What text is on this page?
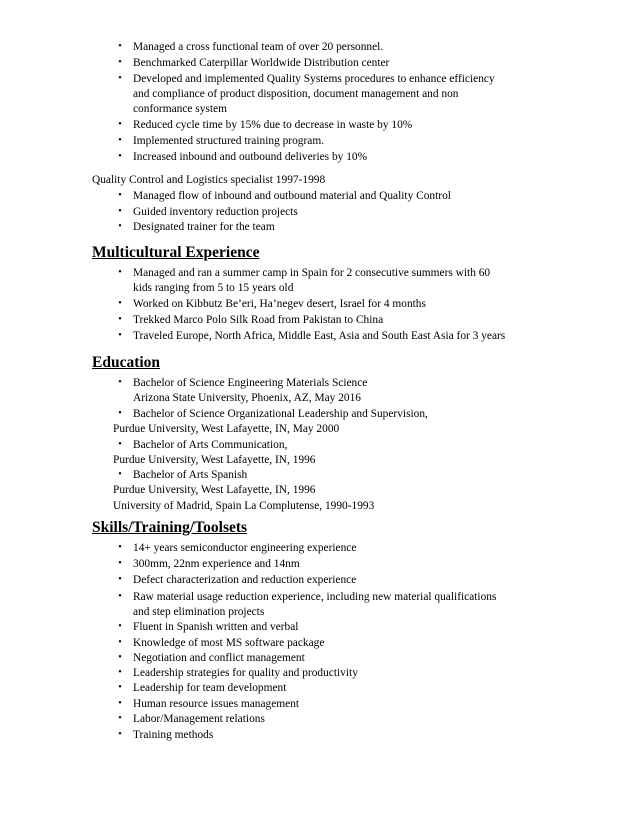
• Managed a cross functional team of over 20 personnel.

• Benchmarked Caterpillar Worldwide Distribution center

• Developed and implemented Quality Systems procedures to enhance efficiency

and compliance of product disposition, document management and non

conformance system

• Reduced cycle time by 15% due to decrease in waste by 10%

• Implemented structured training program.

• Increased inbound and outbound deliveries by 10%

Quality Control and Logistics specialist 1997-1998

• Managed flow of inbound and outbound material and Quality Control

• Guided inventory reduction projects

• Designated trainer for the team

Multicultural Experience
• Managed and ran a summer camp in Spain for 2 consecutive summers with 60

kids ranging from 5 to 15 years old

• Worked on Kibbutz Be’eri, Ha’negev desert, Israel for 4 months

• Trekked Marco Polo Silk Road from Pakistan to China

• Traveled Europe, North Africa, Middle East, Asia and South East Asia for 3 years

Education
• Bachelor of Science Engineering Materials Science

Arizona State University, Phoenix, AZ, May 2016

• Bachelor of Science Organizational Leadership and Supervision,

Purdue University, West Lafayette, IN, May 2000

• Bachelor of Arts Communication,

Purdue University, West Lafayette, IN, 1996

• Bachelor of Arts Spanish

Purdue University, West Lafayette, IN, 1996

University of Madrid, Spain La Complutense, 1990-1993

Skills/Training/Toolsets
• 14+ years semiconductor engineering experience

• 300mm, 22nm experience and 14nm

• Defect characterization and reduction experience

• Raw material usage reduction experience, including new material qualifications

and step elimination projects

• Fluent in Spanish written and verbal

• Knowledge of most MS software package

• Negotiation and conflict management

• Leadership strategies for quality and productivity

• Leadership for team development

• Human resource issues management

• Labor/Management relations

• Training methods
